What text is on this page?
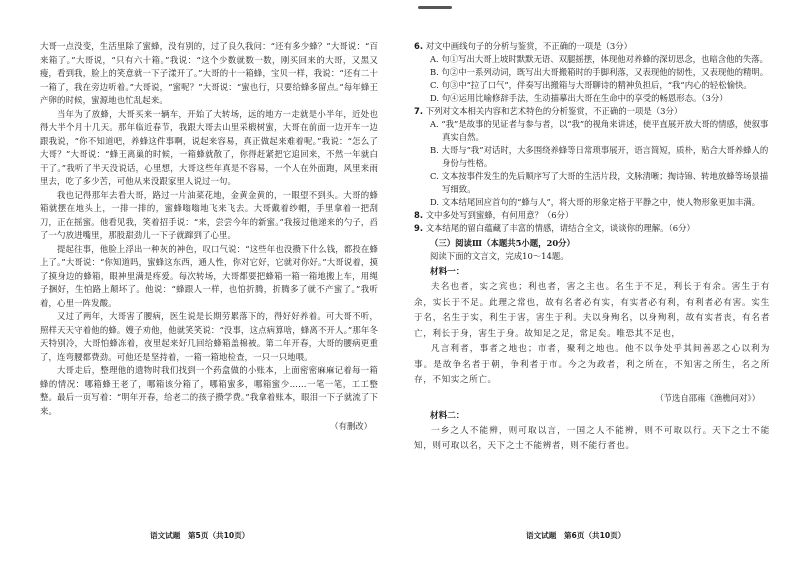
大哥一点没变，生活里除了蜜蜂，没有别的，过了良久我问：“还有多少蜂？”大哥说：“百来箱了。”大哥说，“只有六十箱。”我说：“这个少数就数一数，刚买回来的大哥，又黑又瘦，看到我，脸上的笑意就一下子漾开了。”大哥的十一箱蜂，宝贝一样，我说：“还有二十一箱了，我在旁边听着。”大哥说，“蜜呢？”大哥说：“蜜也行，只要给蜂多留点。”每年蜂王产卵的时候，蜜源地也忙乱起来。

当年为了放蜂，大哥买来一辆车，开始了大转场，远的地方一走就是小半年，近处也得大半个月十几天。那年临近春节，我跟大哥去山里采椴树蜜，大哥在前面一边开车一边跟我说，“你不知道吧，养蜂这件事啊，说起来容易，真正做起来难着呢。”我说：“怎么了大哥？”大哥说：“蜂王离巢的时候，一箱蜂就散了，你得赶紧把它追回来，不然一年就白干了。”我听了半天没说话，心里想，大哥这些年真是不容易，一个人在外面跑，风里来雨里去，吃了多少苦，可他从来没跟家里人说过一句。

我也记得那年去看大哥，路过一片油菜花地，金黄金黄的，一眼望不到头。大哥的蜂箱就摆在地头上，一排一排的，蜜蜂嗡嗡地飞来飞去。大哥戴着纱帽，手里拿着一把刮刀，正在摇蜜。他看见我，笑着招手说：“来，尝尝今年的新蜜。”我接过他递来的勺子，舀了一勺放进嘴里，那股甜劲儿一下子就蹿到了心里。

提起往事，他脸上浮出一种灰的神色，叹口气说：“这些年也没攒下什么钱，都投在蜂上了。”大哥说：“你知道吗，蜜蜂这东西，通人性，你对它好，它就对你好。”大哥说着，摸了摸身边的蜂箱，眼神里满是疼爱。每次转场，大哥都要把蜂箱一箱一箱地搬上车，用绳子捆好，生怕路上颠坏了。他说：“蜂跟人一样，也怕折腾，折腾多了就不产蜜了。”我听着，心里一阵发酸。

又过了两年，大哥害了腰病，医生说是长期劳累落下的，得好好养着。可大哥不听，照样天天守着他的蜂。嫂子劝他，他就笑笑说：“没事，这点病算啥，蜂离不开人。”那年冬天特别冷，大哥怕蜂冻着，夜里起来好几回给蜂箱盖棉被。第二年开春，大哥的腰病更重了，连弯腰都费劲。可他还是坚持着，一箱一箱地检查，一只一只地喂。

大哥走后，整理他的遗物时我们找到一个药盒做的小账本，上面密密麻麻记着每一箱蜂的情况：哪箱蜂王老了，哪箱该分箱了，哪箱蜜多，哪箱蜜少……一笔一笔，工工整整。最后一页写着：“明年开春，给老二的孩子攒学费。”我拿着账本，眼泪一下子就流了下来。

（有删改）
语文试题　第5页（共10页）

6. 对文中画线句子的分析与鉴赏，不正确的一项是（3分）

A. 句①写出大哥上坡时默默无语、双腿摇摆，体现他对养蜂的深切思念，也暗含他的失落。

B. 句②中一系列动词，既写出大哥搬箱时的手脚利落，又表现他的韧性，又表现他的精明。

C. 句③中“拉了口气”，伴奏写出搬箱与大哥聊诗的精神负担后，“我”内心的轻松愉快。

D. 句④运用比喻修辞手法，生动描摹出大哥在生命中的享受的畅恩形态。（3分）

7. 下列对文本相关内容和艺术特色的分析鉴赏，不正确的一项是（3分）

A. “我”是故事的见证者与参与者，以“我”的视角来讲述，使平直展开放大哥的情感，使叙事真实自然。

B. 大哥与“我”对话时，大多围绕养蜂等日常琐事展开，语言简短，质朴，贴合大哥养蜂人的身份与性格。

C. 文本按事件发生的先后顺序写了大哥的生活片段，文脉清晰；掏诗锦、转地放蜂等场景描写细致。

D. 文本结尾回应首句的“蜂与人”，将大哥的形象定格于平静之中，使人物形象更加丰满。

8. 文中多处写到蜜蜂，有何用意？（6分）

9. 文本结尾的留白蕴藏了丰富的情感，请结合全文，谈谈你的理解。（6分）

（三）阅读Ⅲ（本题共5小题，20分）

阅读下面的文言文，完成10～14题。

材料一：

夫名也者，实之宾也；利也者，害之主也。名生于不足，利长于有余。害生于有余，实长于不足。此理之常也，故有名者必有实，有实者必有利，有利者必有害。实生于名，名生于实，利生于害，害生于利。夫以身殉名，以身殉利，故有实者丧，有名者亡，利长于身，害生于身。故知足之足，常足矣。唯恐其不足也，

凡言利者，事者之地也；市者，聚利之地也。他不以争处乎其间善恶之心以利为事。是故争名者于朝，争利者于市。今之为政者，利之所在，不知害之所生，名之所存，不知实之所亡。

（节选自邵雍《渔樵问对》）
材料二：

一乡之人不能辨，则可取以言，一国之人不能辨，则不可取以行。天下之士不能知，则可取以名，天下之士不能辨者，则不能行者也。

语文试题　第6页（共10页）
